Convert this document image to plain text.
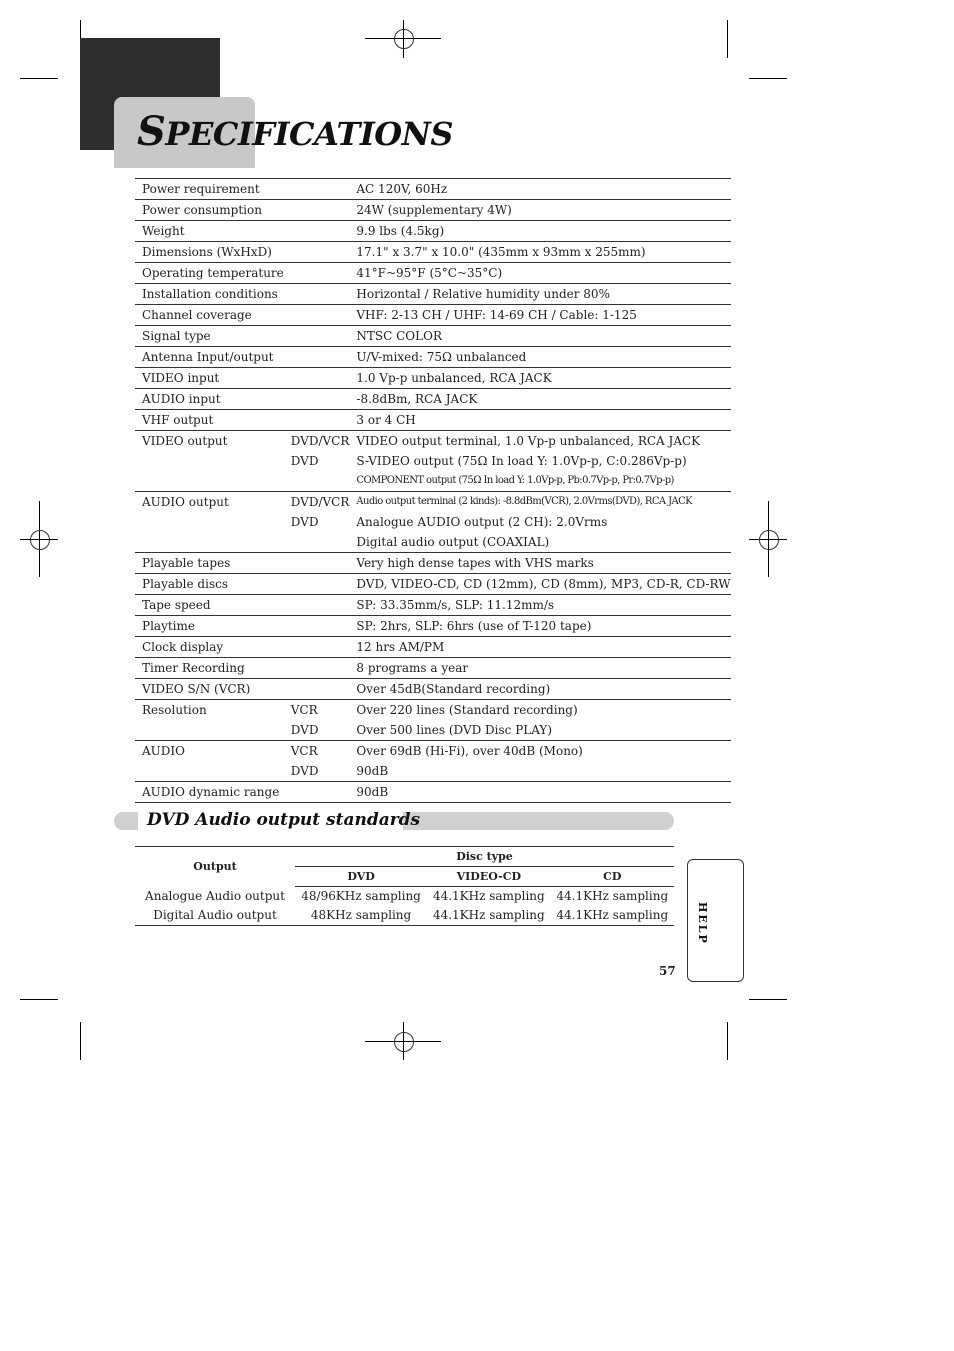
SPECIFICATIONS
Power requirement		AC 120V, 60Hz
Power consumption		24W (supplementary 4W)
Weight		9.9 lbs (4.5kg)
Dimensions (WxHxD)		17.1" x 3.7" x 10.0" (435mm x 93mm x 255mm)
Operating temperature		41°F~95°F (5°C~35°C)
Installation conditions		Horizontal / Relative humidity under 80%
Channel coverage		VHF: 2-13 CH / UHF: 14-69 CH / Cable: 1-125
Signal type		NTSC COLOR
Antenna Input/output		U/V-mixed: 75Ω unbalanced
VIDEO input		1.0 Vp-p unbalanced, RCA JACK
AUDIO input		-8.8dBm, RCA JACK
VHF output		3 or 4 CH
VIDEO output	DVD/VCR	VIDEO output terminal, 1.0 Vp-p unbalanced, RCA JACK
	DVD	S-VIDEO output (75Ω In load Y: 1.0Vp-p, C:0.286Vp-p)
		COMPONENT output (75Ω In load Y: 1.0Vp-p, Pb:0.7Vp-p, Pr:0.7Vp-p)
AUDIO output	DVD/VCR	Audio output terminal (2 kinds): -8.8dBm(VCR), 2.0Vrms(DVD), RCA JACK
	DVD	Analogue AUDIO output (2 CH): 2.0Vrms
		Digital audio output (COAXIAL)
Playable tapes		Very high dense tapes with VHS marks
Playable discs		DVD, VIDEO-CD, CD (12mm), CD (8mm), MP3, CD-R, CD-RW
Tape speed		SP: 33.35mm/s, SLP: 11.12mm/s
Playtime		SP: 2hrs, SLP: 6hrs (use of T-120 tape)
Clock display		12 hrs AM/PM
Timer Recording		8 programs a year
VIDEO S/N (VCR)		Over 45dB(Standard recording)
Resolution	VCR	Over 220 lines (Standard recording)
	DVD	Over 500 lines (DVD Disc PLAY)
AUDIO	VCR	Over 69dB (Hi-Fi), over 40dB (Mono)
	DVD	90dB
AUDIO dynamic range		90dB
DVD Audio output standards
Output	Disc type		
	DVD	VIDEO-CD	CD
Analogue Audio output	48/96KHz sampling	44.1KHz sampling	44.1KHz sampling
Digital Audio output	48KHz sampling	44.1KHz sampling	44.1KHz sampling	HELP
57
